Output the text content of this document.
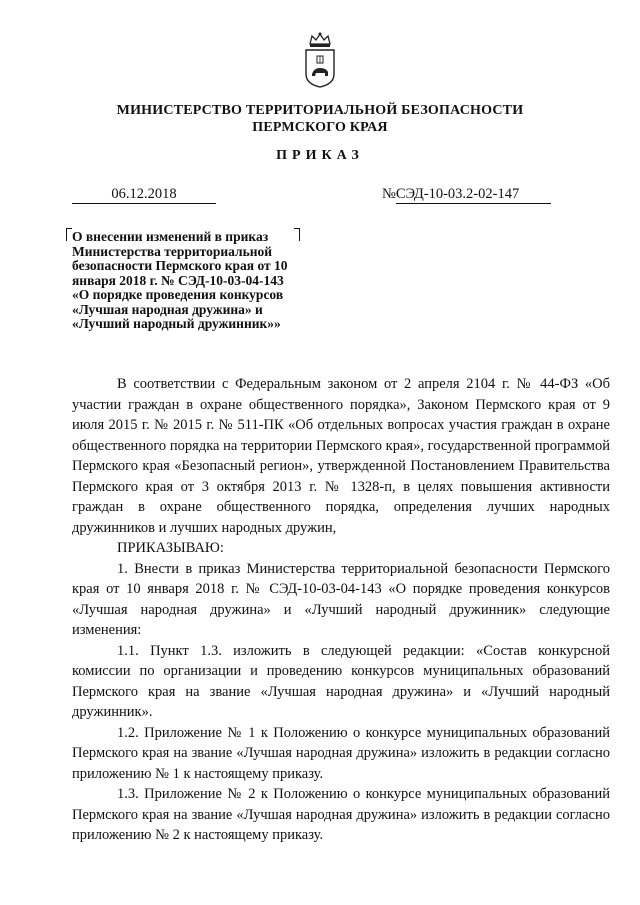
МИНИСТЕРСТВО ТЕРРИТОРИАЛЬНОЙ БЕЗОПАСНОСТИ
ПЕРМСКОГО КРАЯ
ПРИКАЗ
06.12.2018	№СЭД-10-03.2-02-147
О внесении изменений в приказ Министерства территориальной безопасности Пермского края от 10 января 2018 г. № СЭД-10-03-04-143 «О порядке проведения конкурсов «Лучшая народная дружина» и «Лучший народный дружинник»»

В соответствии с Федеральным законом от 2 апреля 2104 г. № 44-ФЗ «Об участии граждан в охране общественного порядка», Законом Пермского края от 9 июля 2015 г. № 2015 г. № 511-ПК «Об отдельных вопросах участия граждан в охране общественного порядка на территории Пермского края», государственной программой Пермского края «Безопасный регион», утвержденной Постановлением Правительства Пермского края от 3 октября 2013 г. № 1328-п, в целях повышения активности граждан в охране общественного порядка, определения лучших народных дружинников и лучших народных дружин,

ПРИКАЗЫВАЮ:

1. Внести в приказ Министерства территориальной безопасности Пермского края от 10 января 2018 г. № СЭД-10-03-04-143 «О порядке проведения конкурсов «Лучшая народная дружина» и «Лучший народный дружинник» следующие изменения:

1.1. Пункт 1.3. изложить в следующей редакции: «Состав конкурсной комиссии по организации и проведению конкурсов муниципальных образований Пермского края на звание «Лучшая народная дружина» и «Лучший народный дружинник».

1.2. Приложение № 1 к Положению о конкурсе муниципальных образований Пермского края на звание «Лучшая народная дружина» изложить в редакции согласно приложению № 1 к настоящему приказу.

1.3. Приложение № 2 к Положению о конкурсе муниципальных образований Пермского края на звание «Лучшая народная дружина» изложить в редакции согласно приложению № 2 к настоящему приказу.
